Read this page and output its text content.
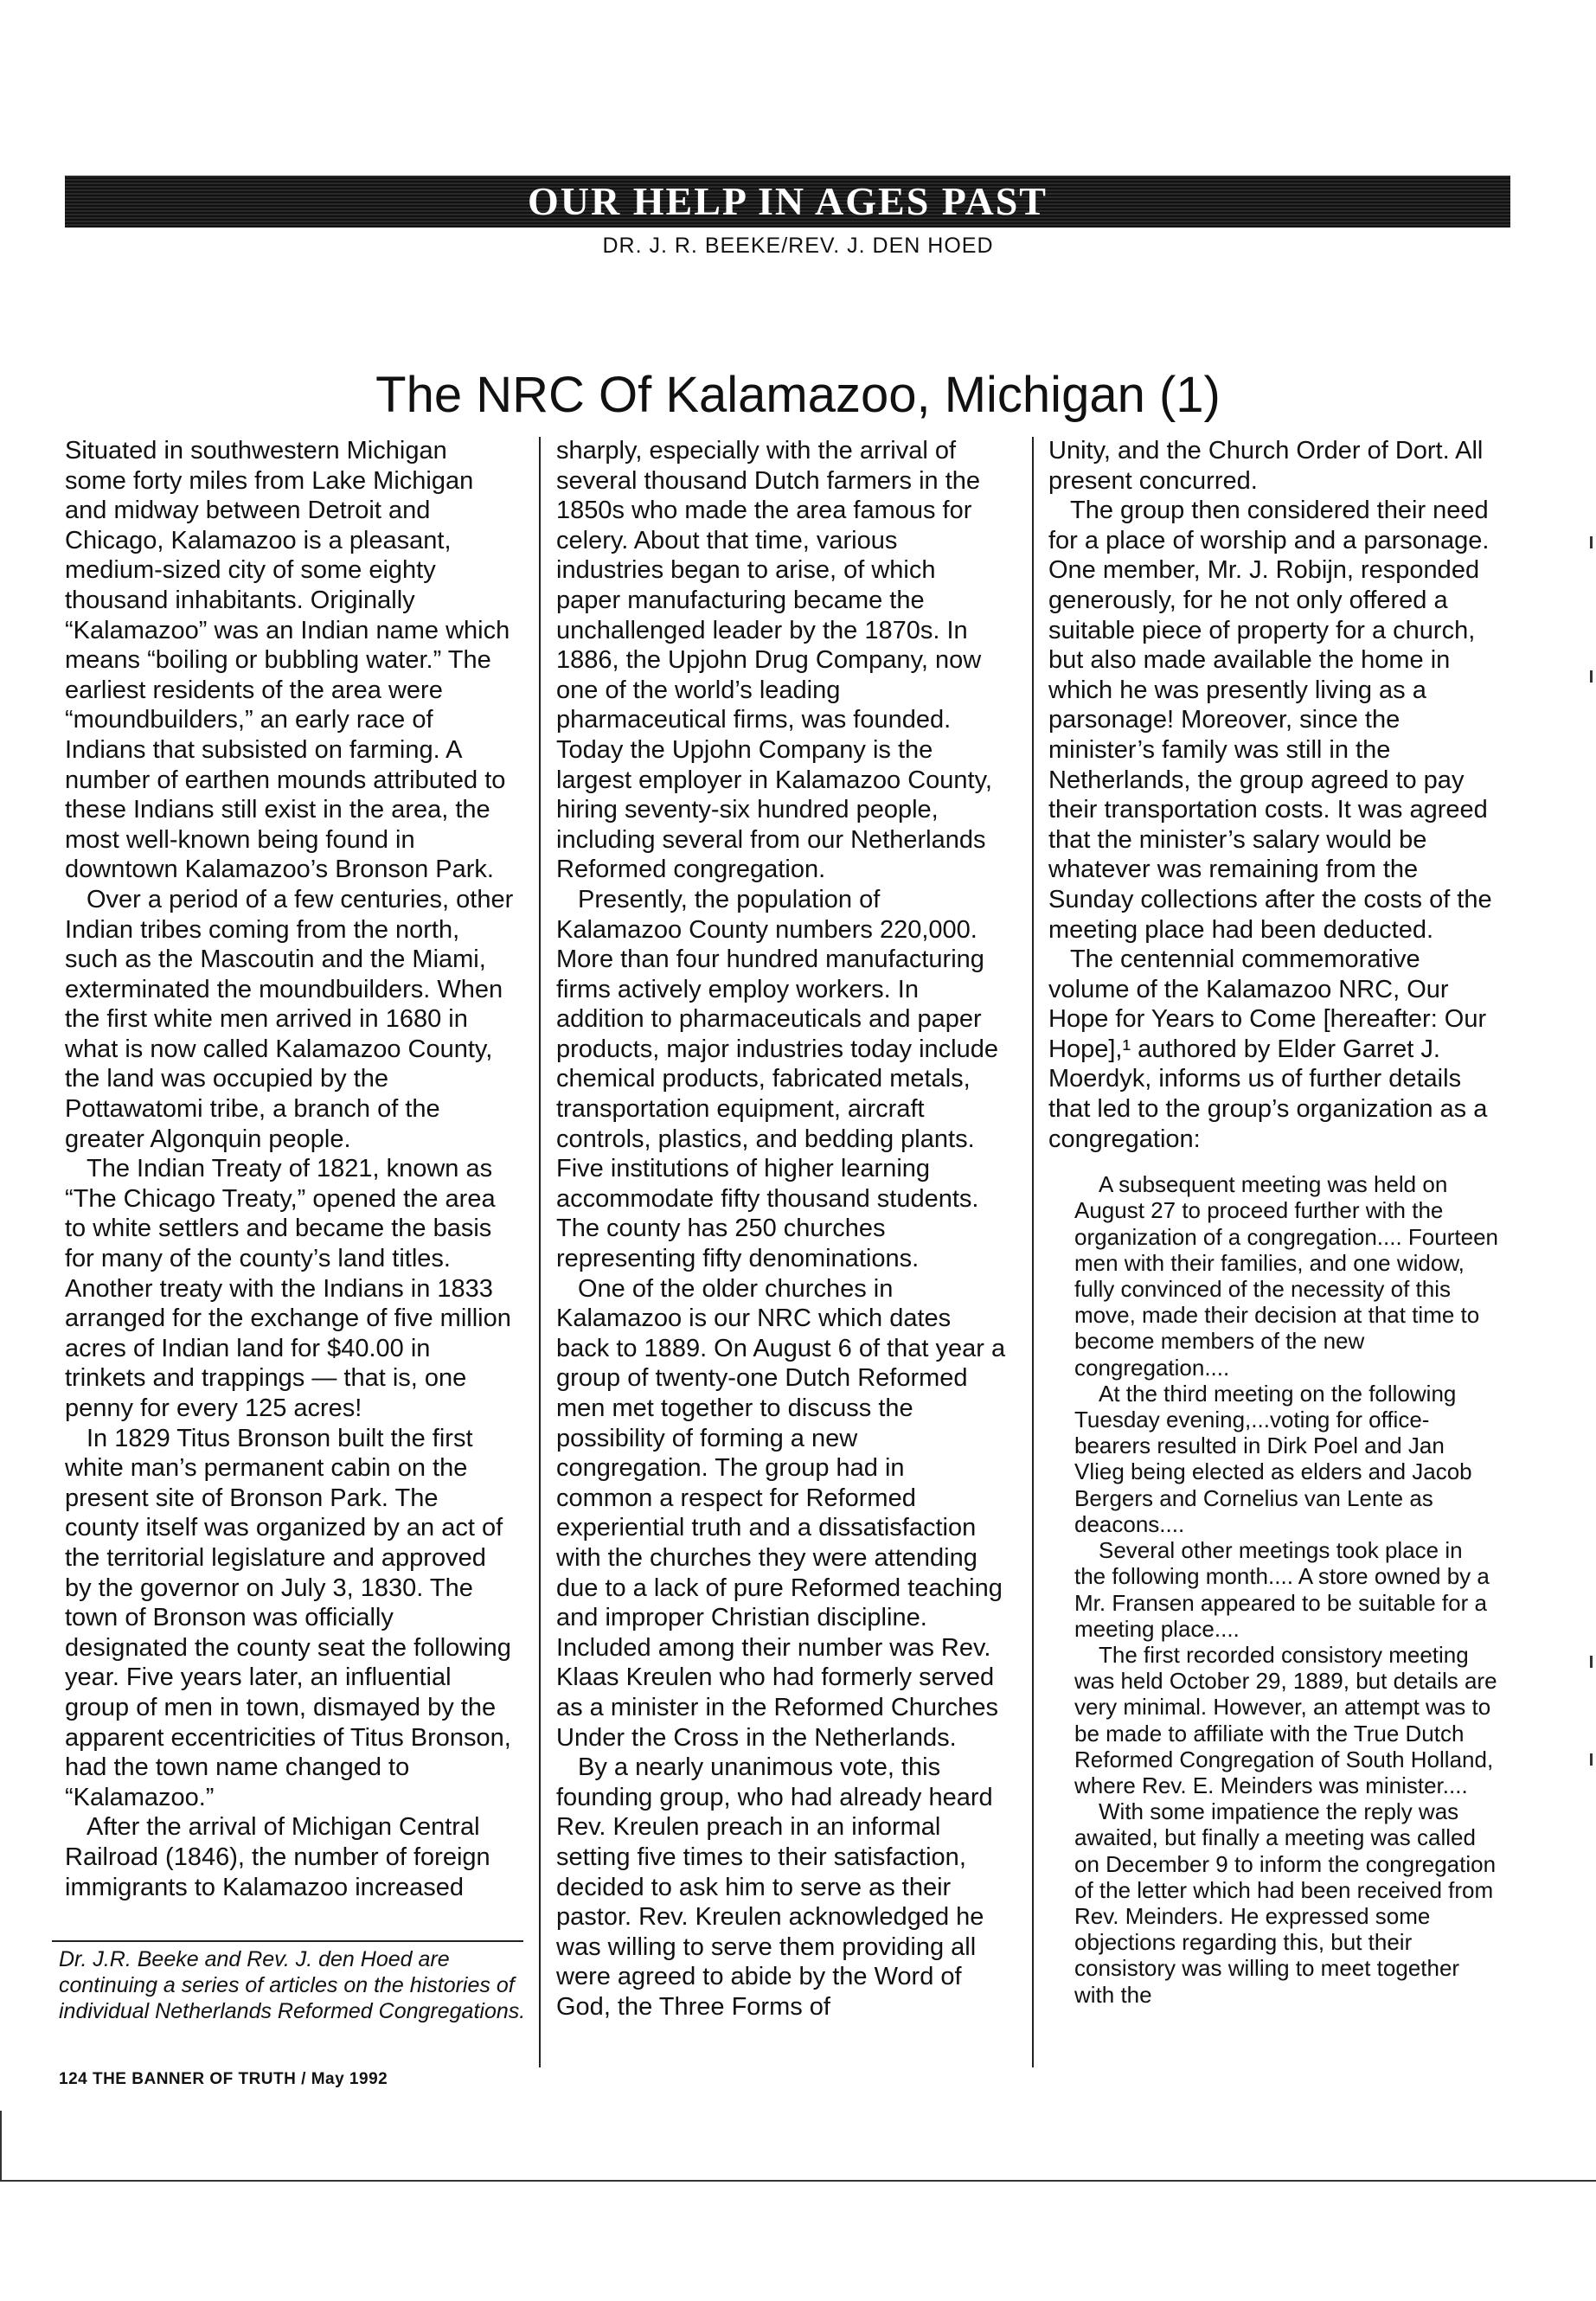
OUR HELP IN AGES PAST
DR. J. R. BEEKE/REV. J. DEN HOED
The NRC Of Kalamazoo, Michigan (1)

Situated in southwestern Michigan some forty miles from Lake Michigan and midway between Detroit and Chicago, Kalamazoo is a pleasant, medium-sized city of some eighty thousand inhabitants. Originally “Kalamazoo” was an Indian name which means “boiling or bubbling water.” The earliest residents of the area were “moundbuilders,” an early race of Indians that subsisted on farming. A number of earthen mounds attributed to these Indians still exist in the area, the most well-known being found in downtown Kalamazoo’s Bronson Park.

Over a period of a few centuries, other Indian tribes coming from the north, such as the Mascoutin and the Miami, exterminated the moundbuilders. When the first white men arrived in 1680 in what is now called Kalamazoo County, the land was occupied by the Pottawatomi tribe, a branch of the greater Algonquin people.

The Indian Treaty of 1821, known as “The Chicago Treaty,” opened the area to white settlers and became the basis for many of the county’s land titles. Another treaty with the Indians in 1833 arranged for the exchange of five million acres of Indian land for $40.00 in trinkets and trappings — that is, one penny for every 125 acres!

In 1829 Titus Bronson built the first white man’s permanent cabin on the present site of Bronson Park. The county itself was organized by an act of the territorial legislature and approved by the governor on July 3, 1830. The town of Bronson was officially designated the county seat the following year. Five years later, an influential group of men in town, dismayed by the apparent eccentricities of Titus Bronson, had the town name changed to “Kalamazoo.”

After the arrival of Michigan Central Railroad (1846), the number of foreign immigrants to Kalamazoo increased

sharply, especially with the arrival of several thousand Dutch farmers in the 1850s who made the area famous for celery. About that time, various industries began to arise, of which paper manufacturing became the unchallenged leader by the 1870s. In 1886, the Upjohn Drug Company, now one of the world’s leading pharmaceutical firms, was founded. Today the Upjohn Company is the largest employer in Kalamazoo County, hiring seventy-six hundred people, including several from our Netherlands Reformed congregation.

Presently, the population of Kalamazoo County numbers 220,000. More than four hundred manufacturing firms actively employ workers. In addition to pharmaceuticals and paper products, major industries today include chemical products, fabricated metals, transportation equipment, aircraft controls, plastics, and bedding plants. Five institutions of higher learning accommodate fifty thousand students. The county has 250 churches representing fifty denominations.

One of the older churches in Kalamazoo is our NRC which dates back to 1889. On August 6 of that year a group of twenty-one Dutch Reformed men met together to discuss the possibility of forming a new congregation. The group had in common a respect for Reformed experiential truth and a dissatisfaction with the churches they were attending due to a lack of pure Reformed teaching and improper Christian discipline. Included among their number was Rev. Klaas Kreulen who had formerly served as a minister in the Reformed Churches Under the Cross in the Netherlands.

By a nearly unanimous vote, this founding group, who had already heard Rev. Kreulen preach in an informal setting five times to their satisfaction, decided to ask him to serve as their pastor. Rev. Kreulen acknowledged he was willing to serve them providing all were agreed to abide by the Word of God, the Three Forms of

Unity, and the Church Order of Dort. All present concurred.

The group then considered their need for a place of worship and a parsonage. One member, Mr. J. Robijn, responded generously, for he not only offered a suitable piece of property for a church, but also made available the home in which he was presently living as a parsonage! Moreover, since the minister’s family was still in the Netherlands, the group agreed to pay their transportation costs. It was agreed that the minister’s salary would be whatever was remaining from the Sunday collections after the costs of the meeting place had been deducted.

The centennial commemorative volume of the Kalamazoo NRC, Our Hope for Years to Come [hereafter: Our Hope],¹ authored by Elder Garret J. Moerdyk, informs us of further details that led to the group’s organization as a congregation:

A subsequent meeting was held on August 27 to proceed further with the organization of a congregation.... Fourteen men with their families, and one widow, fully convinced of the necessity of this move, made their decision at that time to become members of the new congregation....

At the third meeting on the following Tuesday evening,...voting for office-bearers resulted in Dirk Poel and Jan Vlieg being elected as elders and Jacob Bergers and Cornelius van Lente as deacons....

Several other meetings took place in the following month.... A store owned by a Mr. Fransen appeared to be suitable for a meeting place....

The first recorded consistory meeting was held October 29, 1889, but details are very minimal. However, an attempt was to be made to affiliate with the True Dutch Reformed Congregation of South Holland, where Rev. E. Meinders was minister....

With some impatience the reply was awaited, but finally a meeting was called on December 9 to inform the congregation of the letter which had been received from Rev. Meinders. He expressed some objections regarding this, but their consistory was willing to meet together with the

Dr. J.R. Beeke and Rev. J. den Hoed are continuing a series of articles on the histories of individual Netherlands Reformed Congregations.
124 THE BANNER OF TRUTH / May 1992
